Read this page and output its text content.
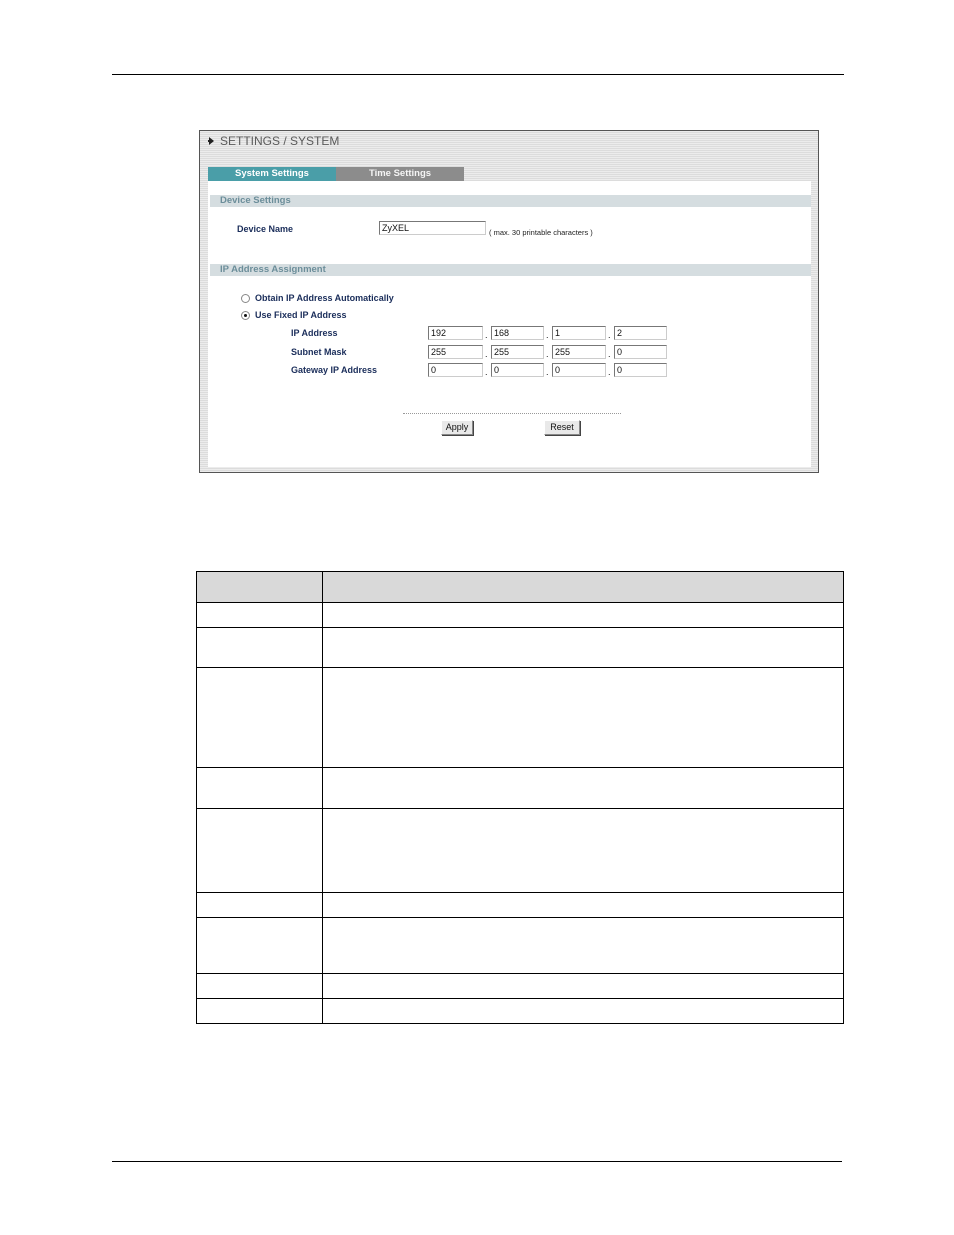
SETTINGS / SYSTEM
System Settings	Time Settings
Device Settings
Device Name	ZyXEL	( max. 30 printable characters )
IP Address Assignment
Obtain IP Address Automatically
Use Fixed IP Address
IP Address	192	. 168	. 1	. 2
Subnet Mask	255	. 255	. 255	. 0
Gateway IP Address	0	. 0	. 0	. 0
Apply	Reset
